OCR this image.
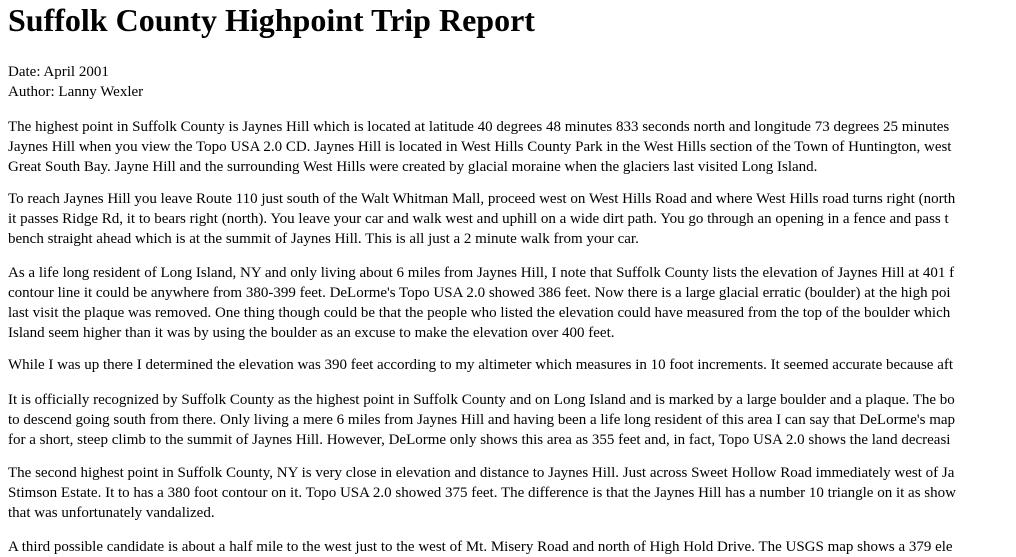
Suffolk County Highpoint Trip Report
Date: April 2001
Author: Lanny Wexler

The highest point in Suffolk County is Jaynes Hill which is located at latitude 40 degrees 48 minutes 833 seconds north and longitude 73 degrees 25 minutes
Jaynes Hill when you view the Topo USA 2.0 CD. Jaynes Hill is located in West Hills County Park in the West Hills section of the Town of Huntington, west
Great South Bay. Jayne Hill and the surrounding West Hills were created by glacial moraine when the glaciers last visited Long Island.

To reach Jaynes Hill you leave Route 110 just south of the Walt Whitman Mall, proceed west on West Hills Road and where West Hills road turns right (north
it passes Ridge Rd, it to bears right (north). You leave your car and walk west and uphill on a wide dirt path. You go through an opening in a fence and pass t
bench straight ahead which is at the summit of Jaynes Hill. This is all just a 2 minute walk from your car.

As a life long resident of Long Island, NY and only living about 6 miles from Jaynes Hill, I note that Suffolk County lists the elevation of Jaynes Hill at 401 f
contour line it could be anywhere from 380-399 feet. DeLorme's Topo USA 2.0 showed 386 feet. Now there is a large glacial erratic (boulder) at the high poi
last visit the plaque was removed. One thing though could be that the people who listed the elevation could have measured from the top of the boulder which
Island seem higher than it was by using the boulder as an excuse to make the elevation over 400 feet.

While I was up there I determined the elevation was 390 feet according to my altimeter which measures in 10 foot increments. It seemed accurate because aft

It is officially recognized by Suffolk County as the highest point in Suffolk County and on Long Island and is marked by a large boulder and a plaque. The bo
to descend going south from there. Only living a mere 6 miles from Jaynes Hill and having been a life long resident of this area I can say that DeLorme's map
for a short, steep climb to the summit of Jaynes Hill. However, DeLorme only shows this area as 355 feet and, in fact, Topo USA 2.0 shows the land decreasi

The second highest point in Suffolk County, NY is very close in elevation and distance to Jaynes Hill. Just across Sweet Hollow Road immediately west of Ja
Stimson Estate. It to has a 380 foot contour on it. Topo USA 2.0 showed 375 feet. The difference is that the Jaynes Hill has a number 10 triangle on it as show
that was unfortunately vandalized.

A third possible candidate is about a half mile to the west just to the west of Mt. Misery Road and north of High Hold Drive. The USGS map shows a 379 ele
